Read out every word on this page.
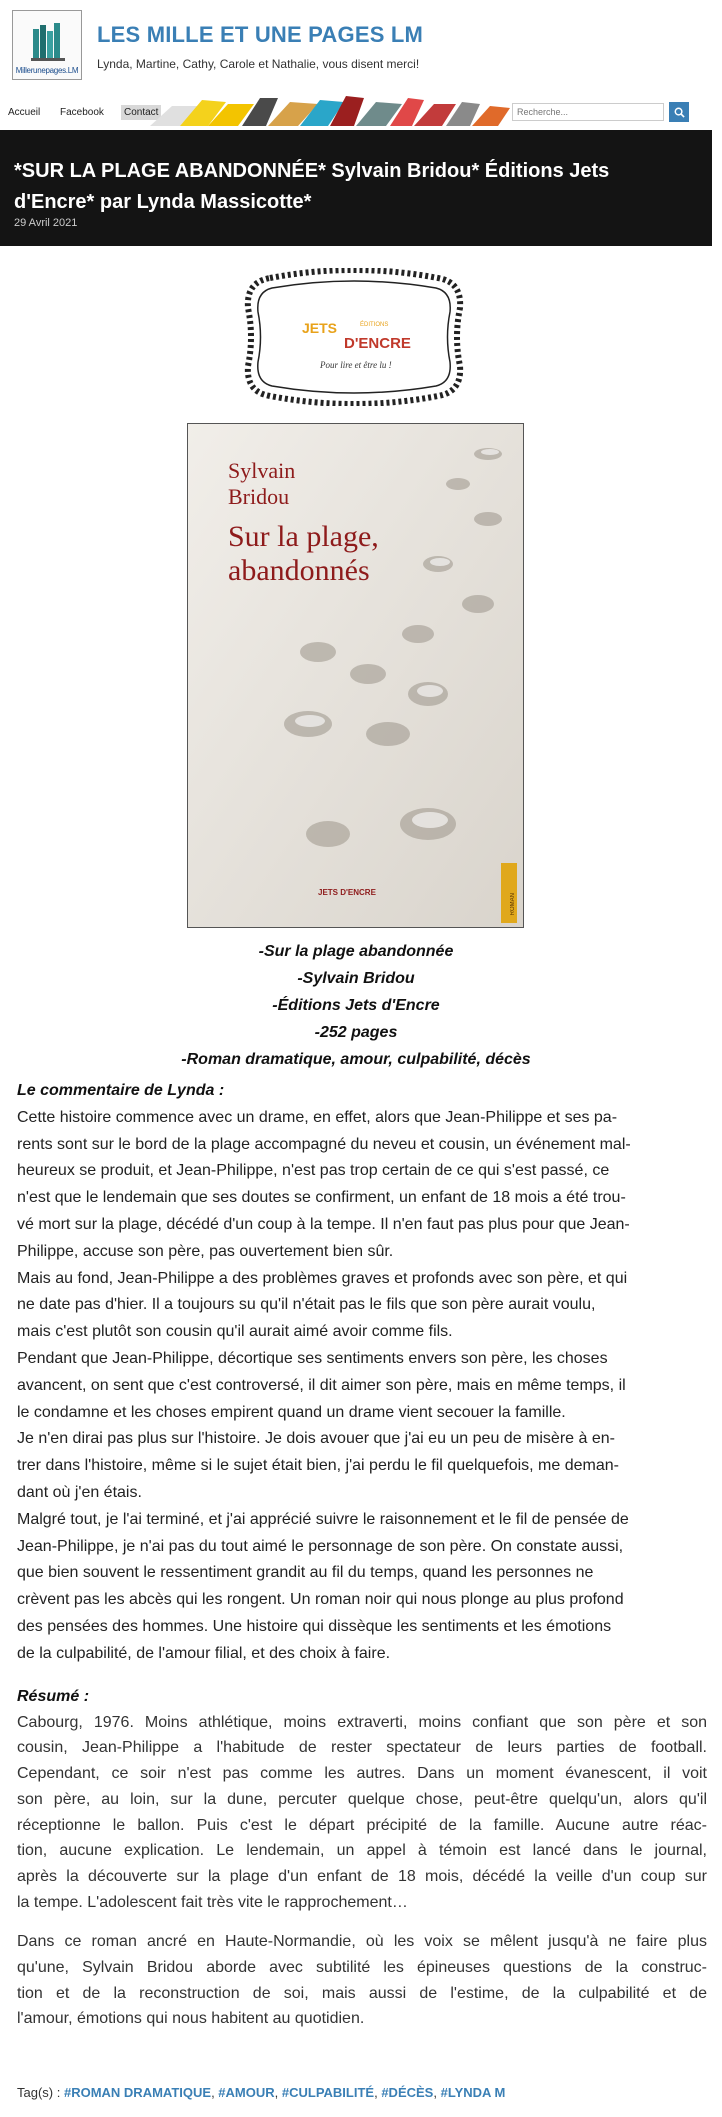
Millerunepages.LM
LES MILLE ET UNE PAGES LM
Lynda, Martine, Cathy, Carole et Nathalie, vous disent merci!
Accueil Facebook	Contact
Recherche...
*SUR LA PLAGE ABANDONNÉE* Sylvain Bridou* Éditions Jets
d'Encre* par Lynda Massicotte*
29 Avril 2021
JETS	ÉDITIONS
D'ENCRE
Pour lire et être lu !
Sylvain
Bridou
Sur la plage,
abandonnés
JETS D'ENCRE
ROMAN

-Sur la plage abandonnée

-Sylvain Bridou

-Éditions Jets d'Encre

-252 pages

-Roman dramatique, amour, culpabilité, décès

Le commentaire de Lynda :

Cette histoire commence avec un drame, en effet, alors que Jean-Philippe et ses pa-

rents sont sur le bord de la plage accompagné du neveu et cousin, un événement mal-

heureux se produit, et Jean-Philippe, n'est pas trop certain de ce qui s'est passé, ce

n'est que le lendemain que ses doutes se confirment, un enfant de 18 mois a été trou-

vé mort sur la plage, décédé d'un coup à la tempe. Il n'en faut pas plus pour que Jean-

Philippe, accuse son père, pas ouvertement bien sûr.

Mais au fond, Jean-Philippe a des problèmes graves et profonds avec son père, et qui

ne date pas d'hier. Il a toujours su qu'il n'était pas le fils que son père aurait voulu,

mais c'est plutôt son cousin qu'il aurait aimé avoir comme fils.

Pendant que Jean-Philippe, décortique ses sentiments envers son père, les choses

avancent, on sent que c'est controversé, il dit aimer son père, mais en même temps, il

le condamne et les choses empirent quand un drame vient secouer la famille.

Je n'en dirai pas plus sur l'histoire. Je dois avouer que j'ai eu un peu de misère à en-

trer dans l'histoire, même si le sujet était bien, j'ai perdu le fil quelquefois, me deman-

dant où j'en étais.

Malgré tout, je l'ai terminé, et j'ai apprécié suivre le raisonnement et le fil de pensée de

Jean-Philippe, je n'ai pas du tout aimé le personnage de son père. On constate aussi,

que bien souvent le ressentiment grandit au fil du temps, quand les personnes ne

crèvent pas les abcès qui les rongent. Un roman noir qui nous plonge au plus profond

des pensées des hommes. Une histoire qui dissèque les sentiments et les émotions

de la culpabilité, de l'amour filial, et des choix à faire.

Résumé :

Cabourg, 1976. Moins athlétique, moins extraverti, moins confiant que son père et son

cousin, Jean-Philippe a l'habitude de rester spectateur de leurs parties de football.

Cependant, ce soir n'est pas comme les autres. Dans un moment évanescent, il voit

son père, au loin, sur la dune, percuter quelque chose, peut-être quelqu'un, alors qu'il

réceptionne le ballon. Puis c'est le départ précipité de la famille. Aucune autre réac-

tion, aucune explication. Le lendemain, un appel à témoin est lancé dans le journal,

après la découverte sur la plage d'un enfant de 18 mois, décédé la veille d'un coup sur

la tempe. L'adolescent fait très vite le rapprochement…

Dans ce roman ancré en Haute-Normandie, où les voix se mêlent jusqu'à ne faire plus

qu'une, Sylvain Bridou aborde avec subtilité les épineuses questions de la construc-

tion et de la reconstruction de soi, mais aussi de l'estime, de la culpabilité et de

l'amour, émotions qui nous habitent au quotidien.

Tag(s) : #ROMAN DRAMATIQUE, #AMOUR, #CULPABILITÉ, #DÉCÈS, #LYNDA M
